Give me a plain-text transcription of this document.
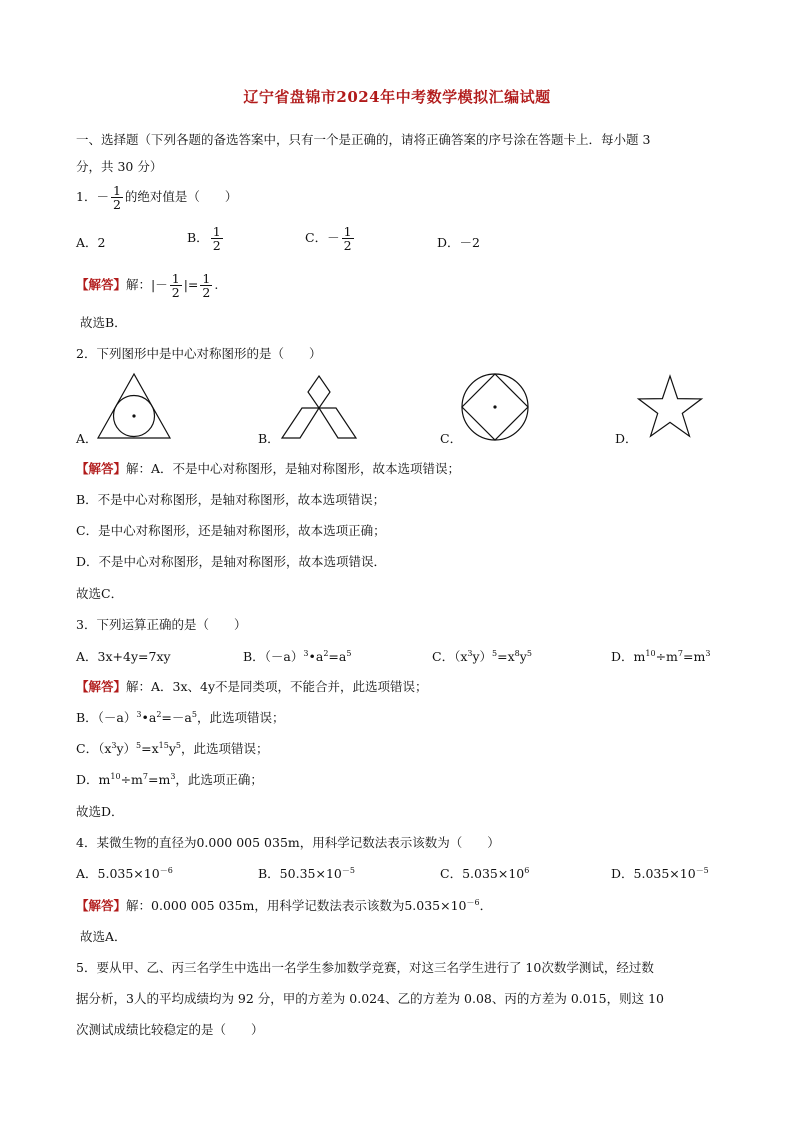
辽宁省盘锦市2024年中考数学模拟汇编试题
一、选择题（下列各题的备选答案中，只有一个是正确的，请将正确答案的序号涂在答题卡上．每小题 3
分，共 30 分）
1．－ $\frac{1}{2}$ 的绝对值是（　　）
A．2	B． $\frac{1}{2}$	C．－ $\frac{1}{2}$	D．－2
【解答】解：|－ $\frac{1}{2}$ |= $\frac{1}{2}$ .
故选B．
2．下列图形中是中心对称图形的是（　　）
A．	B．	C．	D．
【解答】解：A．不是中心对称图形，是轴对称图形，故本选项错误；
B．不是中心对称图形，是轴对称图形，故本选项错误；
C．是中心对称图形，还是轴对称图形，故本选项正确；
D．不是中心对称图形，是轴对称图形，故本选项错误．
故选C．
3．下列运算正确的是（　　）
A．3x+4y=7xy	B．$(-a)^3•a^2=a^5$	C．$(x^3y)^5=x^8y^5$	D．$m^{10}\div m^7=m^3$
【解答】解：A．3x、4y不是同类项，不能合并，此选项错误；
B．$(-a)^3•a^2=-a^5$，此选项错误；
C．$(x^3y)^5=x^{15}y^5$，此选项错误；
D．$m^{10}\div m^7=m^3$，此选项正确；
故选D．
4．某微生物的直径为0.000 005 035m，用科学记数法表示该数为（　　）
A．$5.035\times 10^{-6}$	B．$50.35\times 10^{-5}$	C．$5.035\times 10^6$	D．$5.035\times 10^{-5}$
【解答】解：0.000 005 035m，用科学记数法表示该数为$5.035\times 10^{-6}$．
故选A．
5．要从甲、乙、丙三名学生中选出一名学生参加数学竞赛，对这三名学生进行了 10次数学测试，经过数
据分析，3人的平均成绩均为 92 分，甲的方差为 0.024、乙的方差为 0.08、丙的方差为 0.015，则这 10
次测试成绩比较稳定的是（　　）
